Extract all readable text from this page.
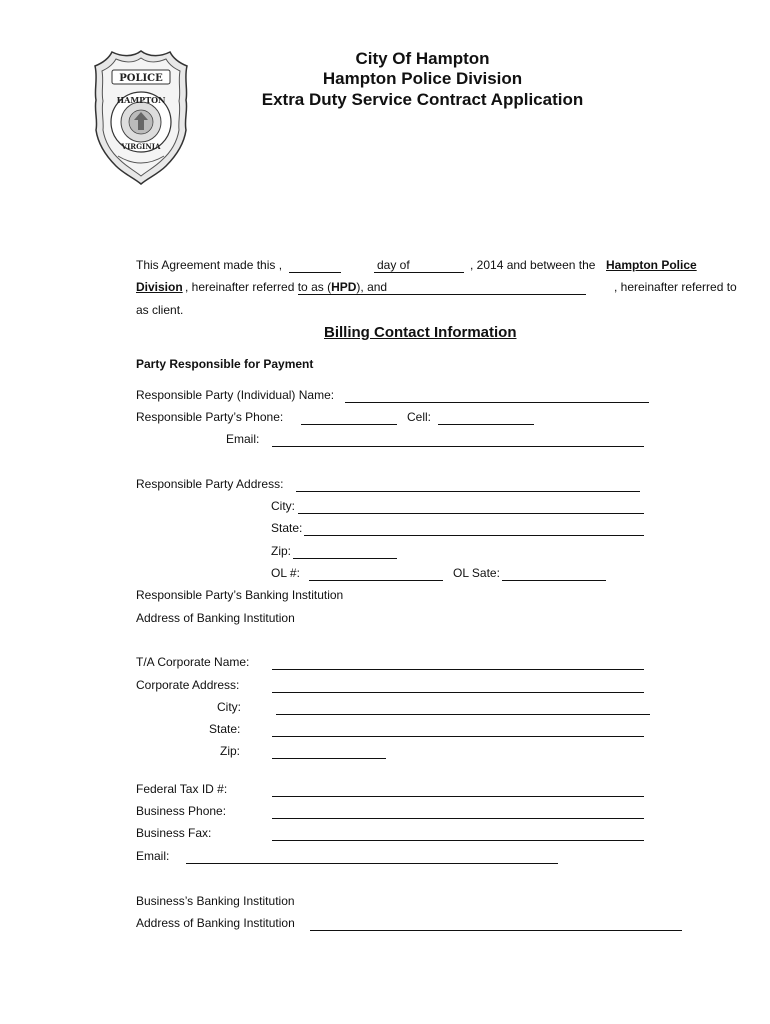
POLICE
HAMPTON
VIRGINIA
City Of Hampton
Hampton Police Division
Extra Duty Service Contract Application
This Agreement made this ,	day of	, 2014 and between the Hampton Police
Division , hereinafter referred to as (HPD), and	, hereinafter referred to
as client.
Billing Contact Information
Party Responsible for Payment
Responsible Party (Individual) Name:
Responsible Party’s Phone:	Cell:
Email:
Responsible Party Address:
City:
State:
Zip:
OL #:	OL Sate:
Responsible Party’s Banking Institution
Address of Banking Institution
T/A Corporate Name:
Corporate Address:
City:
State:
Zip:
Federal Tax ID #:
Business Phone:
Business Fax:
Email:
Business’s Banking Institution
Address of Banking Institution
